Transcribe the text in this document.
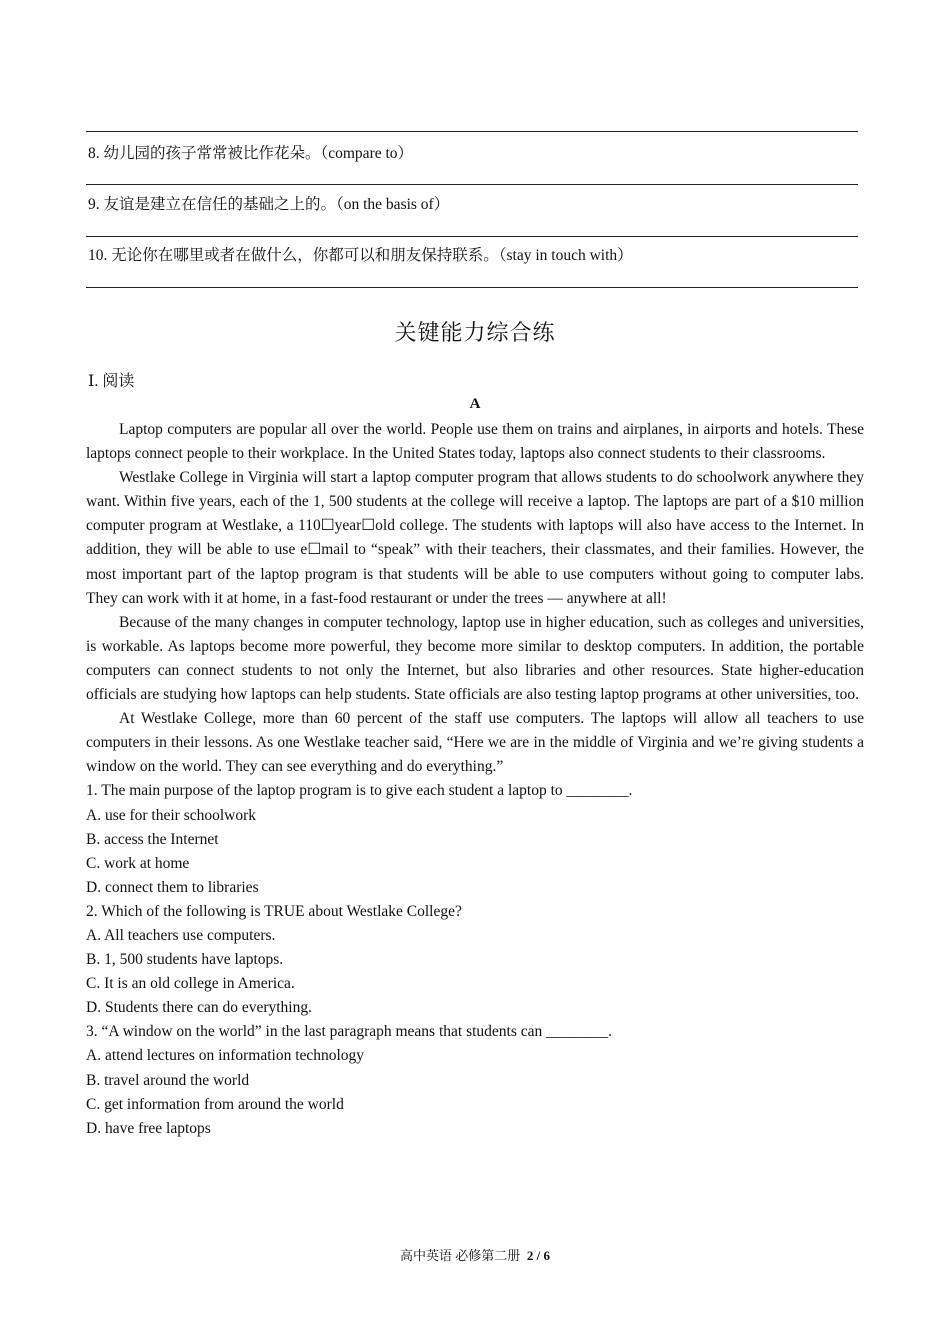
8. 幼儿园的孩子常常被比作花朵。（compare to）
9. 友谊是建立在信任的基础之上的。（on the basis of）
10. 无论你在哪里或者在做什么，你都可以和朋友保持联系。（stay in touch with）
关键能力综合练
Ⅰ. 阅读
A

Laptop computers are popular all over the world. People use them on trains and airplanes, in airports and hotels. These laptops connect people to their workplace. In the United States today, laptops also connect students to their classrooms.

Westlake College in Virginia will start a laptop computer program that allows students to do schoolwork anywhere they want. Within five years, each of the 1, 500 students at the college will receive a laptop. The laptops are part of a $10 million computer program at Westlake, a 110☐year☐old college. The students with laptops will also have access to the Internet. In addition, they will be able to use e☐mail to “speak” with their teachers, their classmates, and their families. However, the most important part of the laptop program is that students will be able to use computers without going to computer labs. They can work with it at home, in a fast-food restaurant or under the trees — anywhere at all!

Because of the many changes in computer technology, laptop use in higher education, such as colleges and universities, is workable. As laptops become more powerful, they become more similar to desktop computers. In addition, the portable computers can connect students to not only the Internet, but also libraries and other resources. State higher-education officials are studying how laptops can help students. State officials are also testing laptop programs at other universities, too.

At Westlake College, more than 60 percent of the staff use computers. The laptops will allow all teachers to use computers in their lessons. As one Westlake teacher said, “Here we are in the middle of Virginia and we’re giving students a window on the world. They can see everything and do everything.”

1. The main purpose of the laptop program is to give each student a laptop to ________.

A. use for their schoolwork

B. access the Internet

C. work at home

D. connect them to libraries

2. Which of the following is TRUE about Westlake College?

A. All teachers use computers.

B. 1, 500 students have laptops.

C. It is an old college in America.

D. Students there can do everything.

3. “A window on the world” in the last paragraph means that students can ________.

A. attend lectures on information technology

B. travel around the world

C. get information from around the world

D. have free laptops

高中英语 必修第二册 2 / 6
